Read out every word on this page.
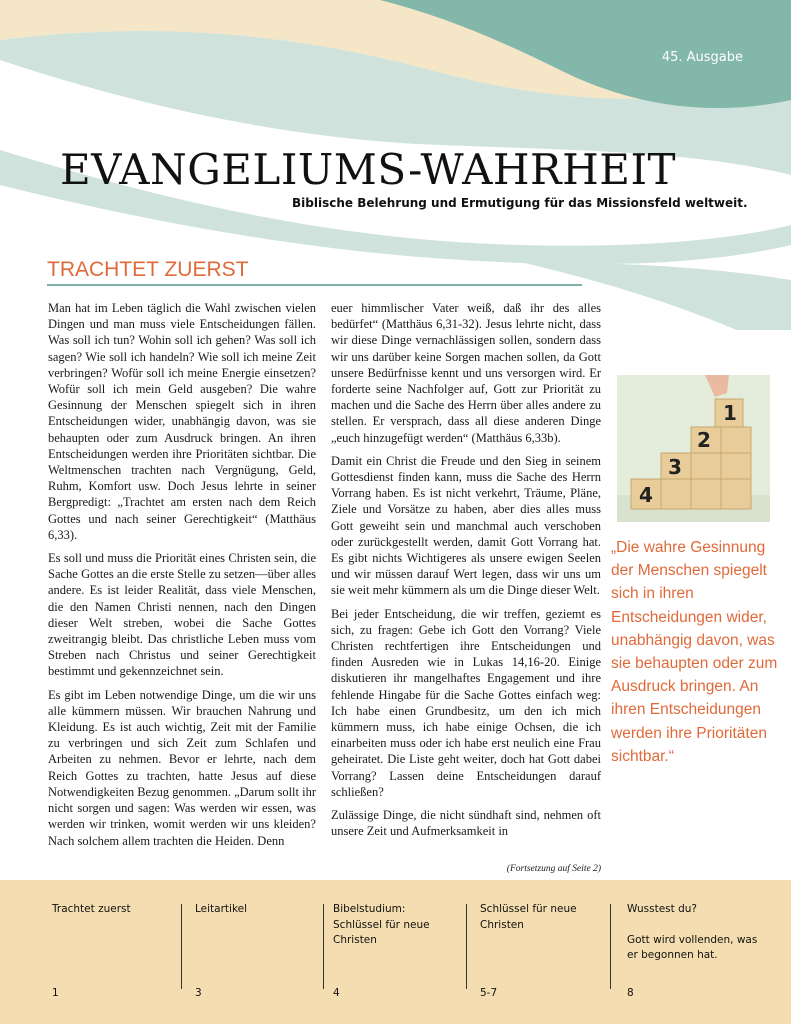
45. Ausgabe
EVANGELIUMS-WAHRHEIT
Biblische Belehrung und Ermutigung für das Missionsfeld weltweit.
TRACHTET ZUERST

Man hat im Leben täglich die Wahl zwischen vielen Dingen und man muss viele Entscheidungen fällen. Was soll ich tun? Wohin soll ich gehen? Was soll ich sagen? Wie soll ich handeln? Wie soll ich meine Zeit verbringen? Wofür soll ich meine Energie einsetzen? Wofür soll ich mein Geld ausgeben? Die wahre Gesinnung der Menschen spiegelt sich in ihren Entscheidungen wider, unabhängig davon, was sie behaupten oder zum Ausdruck bringen. An ihren Entscheidungen werden ihre Prioritäten sichtbar. Die Weltmenschen trachten nach Vergnügung, Geld, Ruhm, Komfort usw. Doch Jesus lehrte in seiner Bergpredigt: „Trachtet am ersten nach dem Reich Gottes und nach seiner Gerechtigkeit“ (Matthäus 6,33).

Es soll und muss die Priorität eines Christen sein, die Sache Gottes an die erste Stelle zu setzen—über alles andere. Es ist leider Realität, dass viele Menschen, die den Namen Christi nennen, nach den Dingen dieser Welt streben, wobei die Sache Gottes zweitrangig bleibt. Das christliche Leben muss vom Streben nach Christus und seiner Gerechtigkeit bestimmt und gekennzeichnet sein.

Es gibt im Leben notwendige Dinge, um die wir uns alle kümmern müssen. Wir brauchen Nahrung und Kleidung. Es ist auch wichtig, Zeit mit der Familie zu verbringen und sich Zeit zum Schlafen und Arbeiten zu nehmen. Bevor er lehrte, nach dem Reich Gottes zu trachten, hatte Jesus auf diese Notwendigkeiten Bezug genommen. „Darum sollt ihr nicht sorgen und sagen: Was werden wir essen, was werden wir trinken, womit werden wir uns kleiden? Nach solchem allem trachten die Heiden. Denn

euer himmlischer Vater weiß, daß ihr des alles bedürfet“ (Matthäus 6,31-32). Jesus lehrte nicht, dass wir diese Dinge vernachlässigen sollen, sondern dass wir uns darüber keine Sorgen machen sollen, da Gott unsere Bedürfnisse kennt und uns versorgen wird. Er forderte seine Nachfolger auf, Gott zur Priorität zu machen und die Sache des Herrn über alles andere zu stellen. Er versprach, dass all diese anderen Dinge „euch hinzugefügt werden“ (Matthäus 6,33b).

Damit ein Christ die Freude und den Sieg in seinem Gottesdienst finden kann, muss die Sache des Herrn Vorrang haben. Es ist nicht verkehrt, Träume, Pläne, Ziele und Vorsätze zu haben, aber dies alles muss Gott geweiht sein und manchmal auch verschoben oder zurückgestellt werden, damit Gott Vorrang hat. Es gibt nichts Wichtigeres als unsere ewigen Seelen und wir müssen darauf Wert legen, dass wir uns um sie weit mehr kümmern als um die Dinge dieser Welt.

Bei jeder Entscheidung, die wir treffen, geziemt es sich, zu fragen: Gebe ich Gott den Vorrang? Viele Christen rechtfertigen ihre Entscheidungen und finden Ausreden wie in Lukas 14,16-20. Einige diskutieren ihr mangelhaftes Engagement und ihre fehlende Hingabe für die Sache Gottes einfach weg: Ich habe einen Grundbesitz, um den ich mich kümmern muss, ich habe einige Ochsen, die ich einarbeiten muss oder ich habe erst neulich eine Frau geheiratet. Die Liste geht weiter, doch hat Gott dabei Vorrang? Lassen deine Entscheidungen darauf schließen?

Zulässige Dinge, die nicht sündhaft sind, nehmen oft unsere Zeit und Aufmerksamkeit in

(Fortsetzung auf Seite 2)
1
2
3
4
„Die wahre Gesinnung der Menschen spiegelt sich in ihren Entscheidungen wider, unabhängig davon, was sie behaupten oder zum Ausdruck bringen. An ihren Entscheidungen werden ihre Prioritäten sichtbar.“
Trachtet zuerst
1
Leitartikel
3
Bibelstudium: Schlüssel für neue Christen
4
Schlüssel für neue Christen
5-7
Wusstest du?
Gott wird vollenden, was er begonnen hat.
8
